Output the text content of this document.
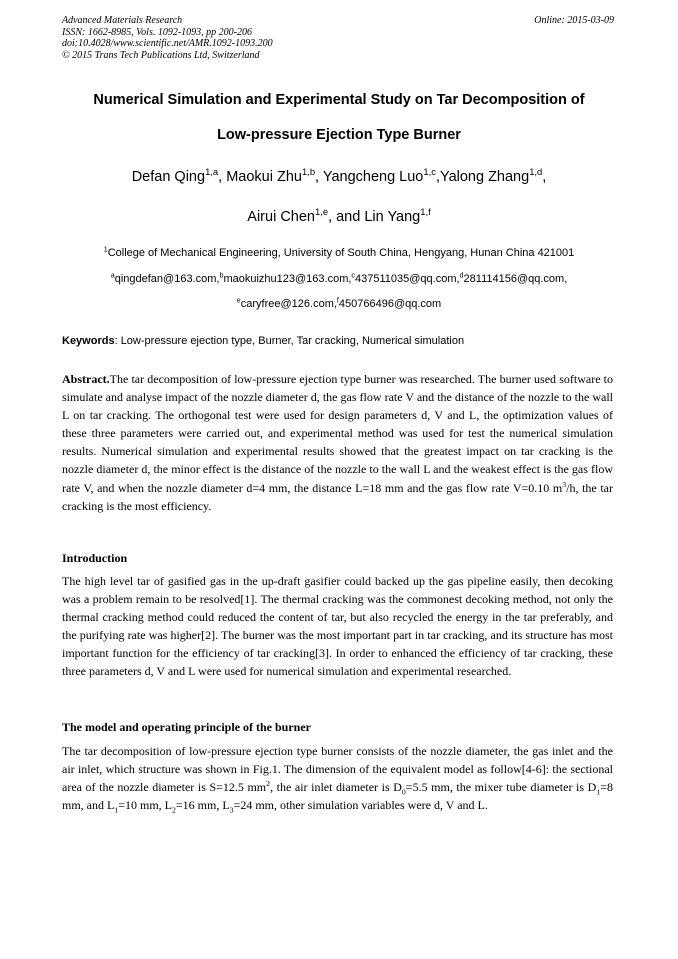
Advanced Materials Research
ISSN: 1662-8985, Vols. 1092-1093, pp 200-206
doi:10.4028/www.scientific.net/AMR.1092-1093.200
© 2015 Trans Tech Publications Ltd, Switzerland
Online: 2015-03-09
Numerical Simulation and Experimental Study on Tar Decomposition of
Low-pressure Ejection Type Burner
Defan Qing$^{1,a}$, Maokui Zhu$^{1,b}$, Yangcheng Luo$^{1,c}$,Yalong Zhang$^{1,d}$,
Airui Chen$^{1,e}$, and Lin Yang$^{1,f}$
$^1$College of Mechanical Engineering, University of South China, Hengyang, Hunan China 421001
$^a$qingdefan@163.com,$^b$maokuizhu123@163.com,$^c$437511035@qq.com,$^d$281114156@qq.com,
$^e$caryfree@126.com,$^f$450766496@qq.com
Keywords: Low-pressure ejection type, Burner, Tar cracking, Numerical simulation
Abstract.The tar decomposition of low-pressure ejection type burner was researched. The burner used software to simulate and analyse impact of the nozzle diameter d, the gas flow rate V and the distance of the nozzle to the wall L on tar cracking. The orthogonal test were used for design parameters d, V and L, the optimization values of these three parameters were carried out, and experimental method was used for test the numerical simulation results. Numerical simulation and experimental results showed that the greatest impact on tar cracking is the nozzle diameter d, the minor effect is the distance of the nozzle to the wall L and the weakest effect is the gas flow rate V, and when the nozzle diameter d=4 mm, the distance L=18 mm and the gas flow rate V=0.10 $m^3/h$, the tar cracking is the most efficiency.
Introduction
The high level tar of gasified gas in the up-draft gasifier could backed up the gas pipeline easily, then decoking was a problem remain to be resolved[1]. The thermal cracking was the commonest decoking method, not only the thermal cracking method could reduced the content of tar, but also recycled the energy in the tar preferably, and the purifying rate was higher[2]. The burner was the most important part in tar cracking, and its structure has most important function for the efficiency of tar cracking[3]. In order to enhanced the efficiency of tar cracking, these three parameters d, V and L were used for numerical simulation and experimental researched.
The model and operating principle of the burner
The tar decomposition of low-pressure ejection type burner consists of the nozzle diameter, the gas inlet and the air inlet, which structure was shown in Fig.1. The dimension of the equivalent model as follow[4-6]: the sectional area of the nozzle diameter is S=12.5 $mm^2$, the air inlet diameter is $D_0=5.5$ mm, the mixer tube diameter is $D_1=8$ mm, and $L_1=10$ mm, $L_2=16$ mm, $L_3=24$ mm, other simulation variables were d, V and L.
